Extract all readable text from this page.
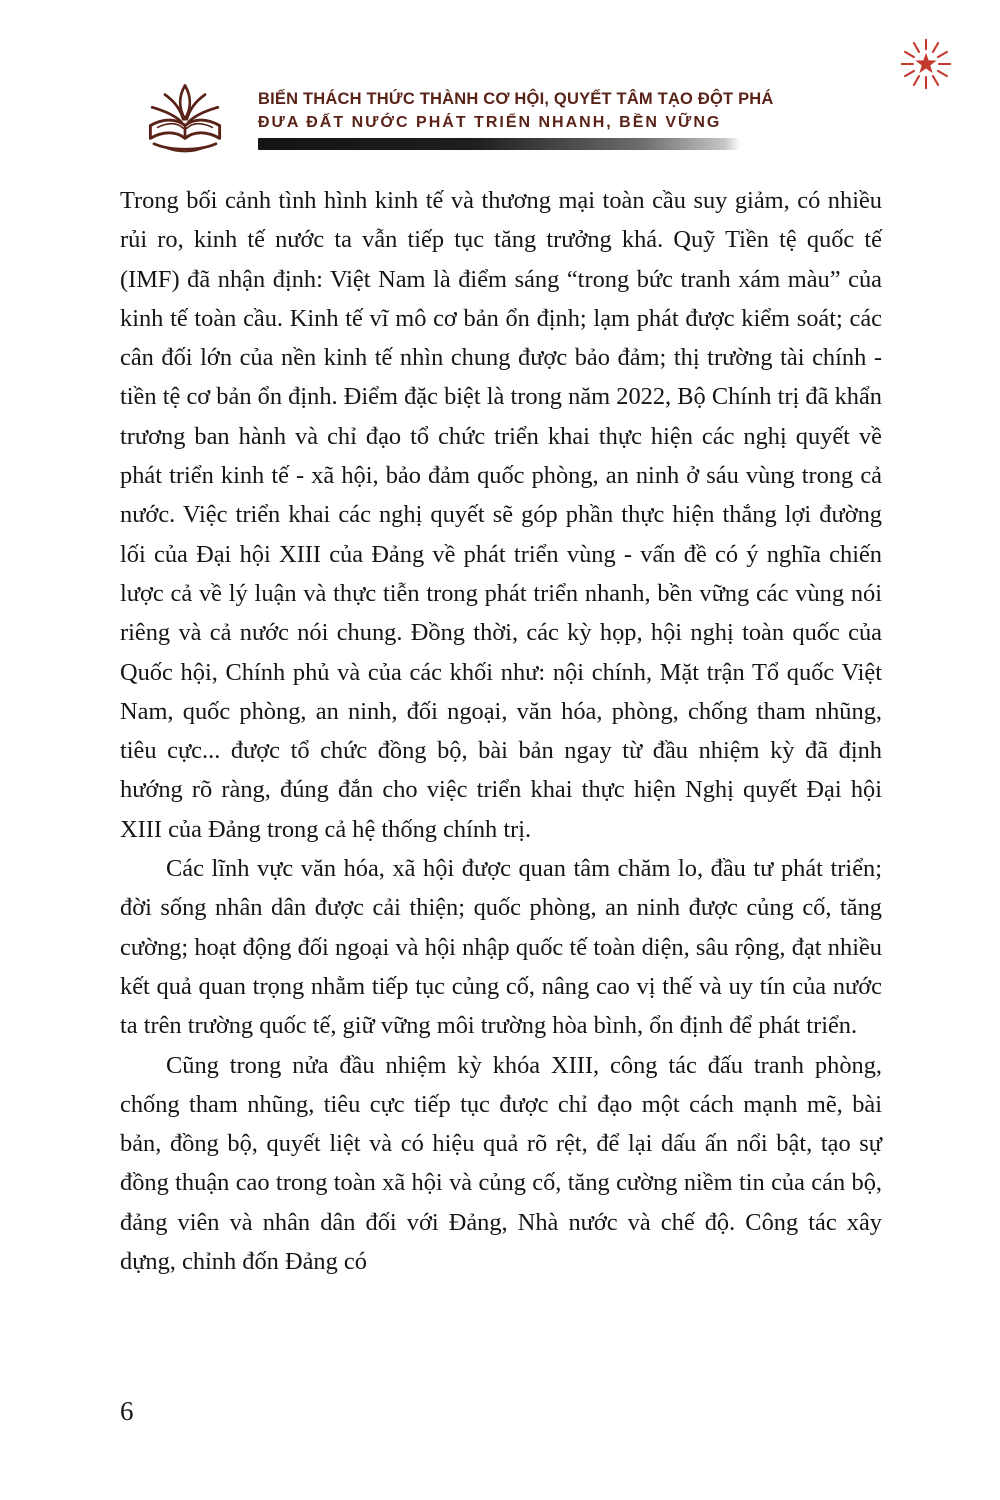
BIẾN THÁCH THỨC THÀNH CƠ HỘI, QUYẾT TÂM TẠO ĐỘT PHÁ
ĐƯA ĐẤT NƯỚC PHÁT TRIỂN NHANH, BỀN VỮNG

Trong bối cảnh tình hình kinh tế và thương mại toàn cầu suy giảm, có nhiều rủi ro, kinh tế nước ta vẫn tiếp tục tăng trưởng khá. Quỹ Tiền tệ quốc tế (IMF) đã nhận định: Việt Nam là điểm sáng “trong bức tranh xám màu” của kinh tế toàn cầu. Kinh tế vĩ mô cơ bản ổn định; lạm phát được kiểm soát; các cân đối lớn của nền kinh tế nhìn chung được bảo đảm; thị trường tài chính - tiền tệ cơ bản ổn định. Điểm đặc biệt là trong năm 2022, Bộ Chính trị đã khẩn trương ban hành và chỉ đạo tổ chức triển khai thực hiện các nghị quyết về phát triển kinh tế - xã hội, bảo đảm quốc phòng, an ninh ở sáu vùng trong cả nước. Việc triển khai các nghị quyết sẽ góp phần thực hiện thắng lợi đường lối của Đại hội XIII của Đảng về phát triển vùng - vấn đề có ý nghĩa chiến lược cả về lý luận và thực tiễn trong phát triển nhanh, bền vững các vùng nói riêng và cả nước nói chung. Đồng thời, các kỳ họp, hội nghị toàn quốc của Quốc hội, Chính phủ và của các khối như: nội chính, Mặt trận Tổ quốc Việt Nam, quốc phòng, an ninh, đối ngoại, văn hóa, phòng, chống tham nhũng, tiêu cực... được tổ chức đồng bộ, bài bản ngay từ đầu nhiệm kỳ đã định hướng rõ ràng, đúng đắn cho việc triển khai thực hiện Nghị quyết Đại hội XIII của Đảng trong cả hệ thống chính trị.

Các lĩnh vực văn hóa, xã hội được quan tâm chăm lo, đầu tư phát triển; đời sống nhân dân được cải thiện; quốc phòng, an ninh được củng cố, tăng cường; hoạt động đối ngoại và hội nhập quốc tế toàn diện, sâu rộng, đạt nhiều kết quả quan trọng nhằm tiếp tục củng cố, nâng cao vị thế và uy tín của nước ta trên trường quốc tế, giữ vững môi trường hòa bình, ổn định để phát triển.

Cũng trong nửa đầu nhiệm kỳ khóa XIII, công tác đấu tranh phòng, chống tham nhũng, tiêu cực tiếp tục được chỉ đạo một cách mạnh mẽ, bài bản, đồng bộ, quyết liệt và có hiệu quả rõ rệt, để lại dấu ấn nổi bật, tạo sự đồng thuận cao trong toàn xã hội và củng cố, tăng cường niềm tin của cán bộ, đảng viên và nhân dân đối với Đảng, Nhà nước và chế độ. Công tác xây dựng, chỉnh đốn Đảng có

6
